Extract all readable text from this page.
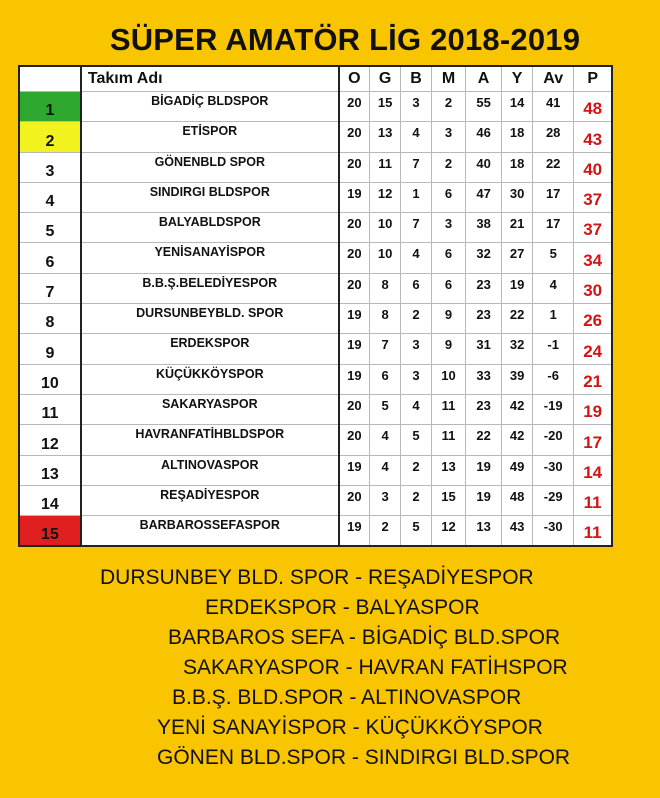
SÜPER AMATÖR LİG 2018-2019
	Takım Adı	O	G	B	M	A	Y	Av	P
1	BİGADİÇ BLDSPOR	20	15	3	2	55	14	41	48
2	ETİSPOR	20	13	4	3	46	18	28	43
3	GÖNENBLD SPOR	20	11	7	2	40	18	22	40
4	SINDIRGI BLDSPOR	19	12	1	6	47	30	17	37
5	BALYABLDSPOR	20	10	7	3	38	21	17	37
6	YENİSANAYİSPOR	20	10	4	6	32	27	5	34
7	B.B.Ş.BELEDİYESPOR	20	8	6	6	23	19	4	30
8	DURSUNBEYBLD. SPOR	19	8	2	9	23	22	1	26
9	ERDEKSPOR	19	7	3	9	31	32	-1	24
10	KÜÇÜKKÖYSPOR	19	6	3	10	33	39	-6	21
11	SAKARYASPOR	20	5	4	11	23	42	-19	19
12	HAVRANFATİHBLDSPOR	20	4	5	11	22	42	-20	17
13	ALTINOVASPOR	19	4	2	13	19	49	-30	14
14	REŞADİYESPOR	20	3	2	15	19	48	-29	11
15	BARBAROSSEFASPOR	19	2	5	12	13	43	-30	11
DURSUNBEY BLD. SPOR - REŞADİYESPOR
ERDEKSPOR - BALYASPOR
BARBAROS SEFA - BİGADİÇ BLD.SPOR
SAKARYASPOR - HAVRAN FATİHSPOR
B.B.Ş. BLD.SPOR - ALTINOVASPOR
YENİ SANAYİSPOR - KÜÇÜKKÖYSPOR
GÖNEN BLD.SPOR - SINDIRGI BLD.SPOR
